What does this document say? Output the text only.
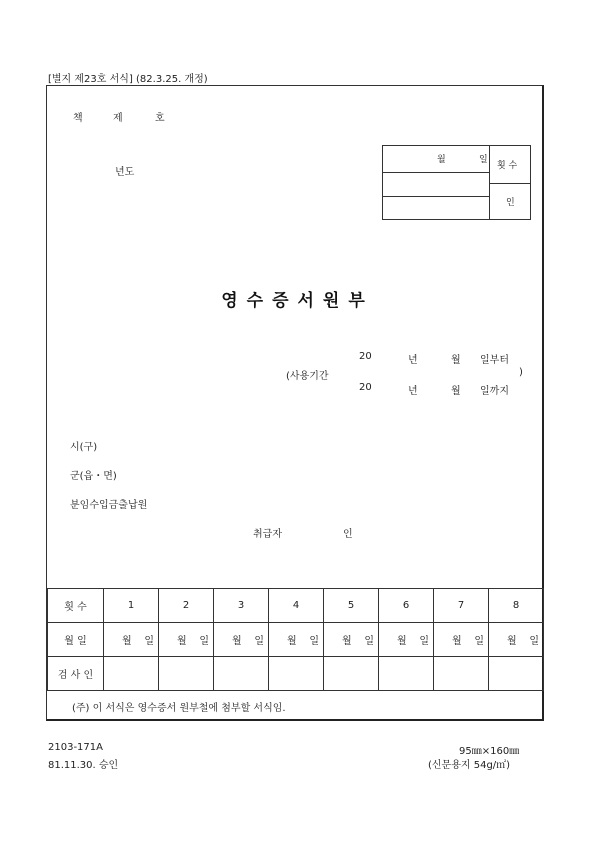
[별지 제23호 서식] (82.3.25. 개정)
책	제	호
년도
월	일
횟 수
인
영수증서원부
20	년	월 일부터
(사용기간	)
20	년	월 일까지
시(구)
군(읍・면)
분임수입금출납원
취급자	인
횟 수	1	2	3	4	5	6	7	8
월 일	월 일	월 일	월 일	월 일	월 일	월 일	월 일	월 일
검 사 인								
(주) 이 서식은 영수증서 원부철에 첨부할 서식임.
2103-171A
81.11.30. 승인
95㎜×160㎜
(신문용지 54g/㎡)
